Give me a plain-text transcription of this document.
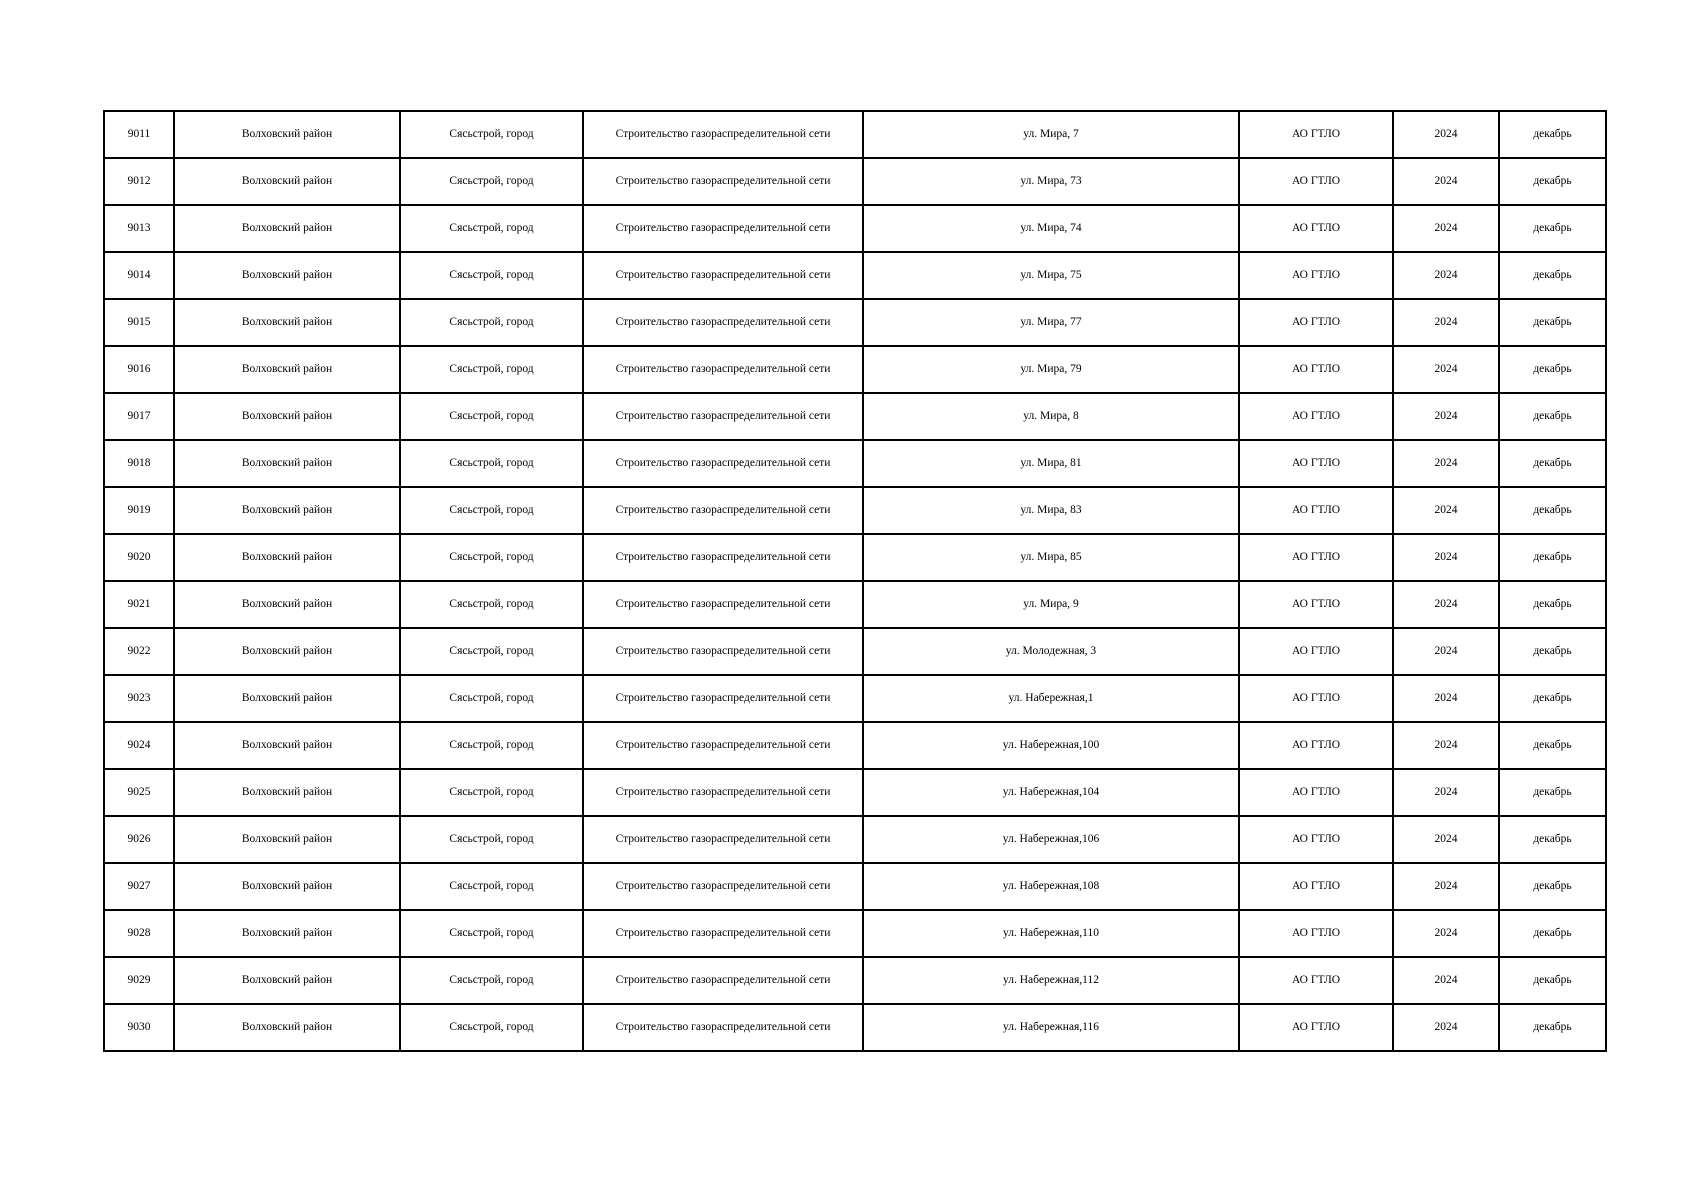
9011	Волховский район	Сясьстрой, город	Строительство газораспределительной сети	ул. Мира, 7	АО ГТЛО	2024	декабрь
9012	Волховский район	Сясьстрой, город	Строительство газораспределительной сети	ул. Мира, 73	АО ГТЛО	2024	декабрь
9013	Волховский район	Сясьстрой, город	Строительство газораспределительной сети	ул. Мира, 74	АО ГТЛО	2024	декабрь
9014	Волховский район	Сясьстрой, город	Строительство газораспределительной сети	ул. Мира, 75	АО ГТЛО	2024	декабрь
9015	Волховский район	Сясьстрой, город	Строительство газораспределительной сети	ул. Мира, 77	АО ГТЛО	2024	декабрь
9016	Волховский район	Сясьстрой, город	Строительство газораспределительной сети	ул. Мира, 79	АО ГТЛО	2024	декабрь
9017	Волховский район	Сясьстрой, город	Строительство газораспределительной сети	ул. Мира, 8	АО ГТЛО	2024	декабрь
9018	Волховский район	Сясьстрой, город	Строительство газораспределительной сети	ул. Мира, 81	АО ГТЛО	2024	декабрь
9019	Волховский район	Сясьстрой, город	Строительство газораспределительной сети	ул. Мира, 83	АО ГТЛО	2024	декабрь
9020	Волховский район	Сясьстрой, город	Строительство газораспределительной сети	ул. Мира, 85	АО ГТЛО	2024	декабрь
9021	Волховский район	Сясьстрой, город	Строительство газораспределительной сети	ул. Мира, 9	АО ГТЛО	2024	декабрь
9022	Волховский район	Сясьстрой, город	Строительство газораспределительной сети	ул. Молодежная, 3	АО ГТЛО	2024	декабрь
9023	Волховский район	Сясьстрой, город	Строительство газораспределительной сети	ул. Набережная,1	АО ГТЛО	2024	декабрь
9024	Волховский район	Сясьстрой, город	Строительство газораспределительной сети	ул. Набережная,100	АО ГТЛО	2024	декабрь
9025	Волховский район	Сясьстрой, город	Строительство газораспределительной сети	ул. Набережная,104	АО ГТЛО	2024	декабрь
9026	Волховский район	Сясьстрой, город	Строительство газораспределительной сети	ул. Набережная,106	АО ГТЛО	2024	декабрь
9027	Волховский район	Сясьстрой, город	Строительство газораспределительной сети	ул. Набережная,108	АО ГТЛО	2024	декабрь
9028	Волховский район	Сясьстрой, город	Строительство газораспределительной сети	ул. Набережная,110	АО ГТЛО	2024	декабрь
9029	Волховский район	Сясьстрой, город	Строительство газораспределительной сети	ул. Набережная,112	АО ГТЛО	2024	декабрь
9030	Волховский район	Сясьстрой, город	Строительство газораспределительной сети	ул. Набережная,116	АО ГТЛО	2024	декабрь
